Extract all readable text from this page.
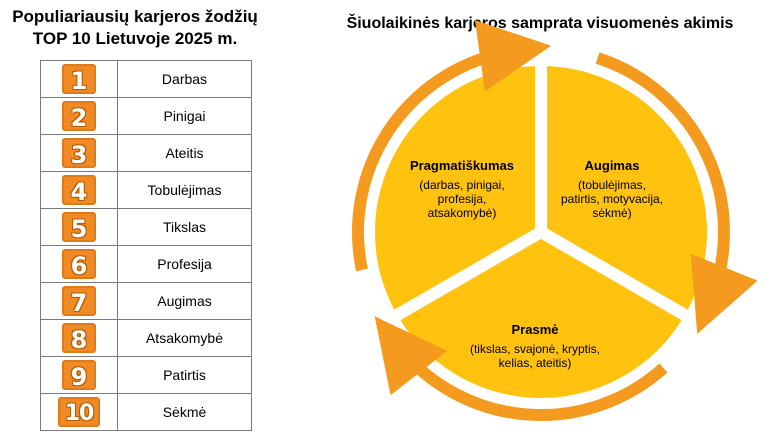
Populiariausių karjeros žodžių
TOP 10 Lietuvoje 2025 m.
1	Darbas
2	Pinigai
3	Ateitis
4	Tobulėjimas
5	Tikslas
6	Profesija
7	Augimas
8	Atsakomybė
9	Patirtis
10	Sėkmė
Šiuolaikinės karjeros samprata visuomenės akimis
Pragmatiškumas
(darbas, pinigai,
profesija,
atsakomybė)
Augimas
(tobulėjimas,
patirtis, motyvacija,
sėkmė)
Prasmė
(tikslas, svajonė, kryptis,
kelias, ateitis)
